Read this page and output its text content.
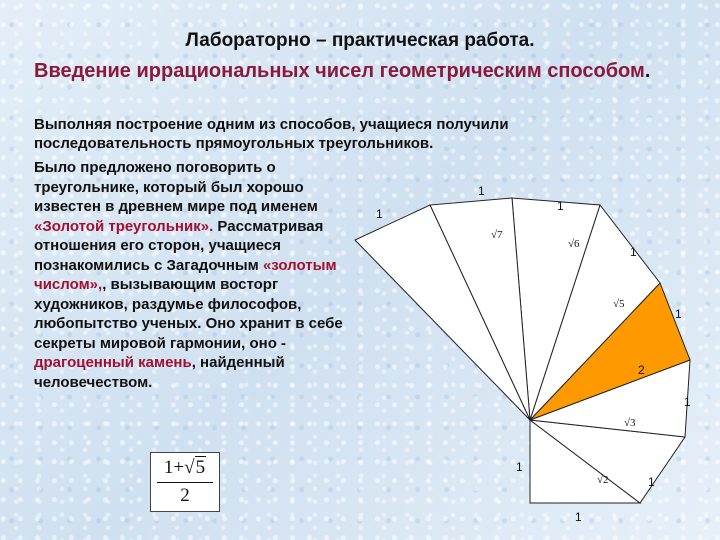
Лабораторно – практическая работа.
Введение иррациональных чисел геометрическим способом.
Выполняя построение одним из способов, учащиеся получили последовательность прямоугольных треугольников.
Было предложено поговорить о треугольнике, который был хорошо известен в древнем мире под именем «Золотой треугольник». Рассматривая отношения его сторон, учащиеся познакомились с Загадочным «золотым числом»,, вызывающим восторг художников, раздумье философов, любопытство ученых. Оно хранит в себе секреты мировой гармонии, оно - драгоценный камень, найденный человечеством.
1+√5
2
1
1
1
1
1
1
1
1
1
2
√2
√3
√5
√6
√7
